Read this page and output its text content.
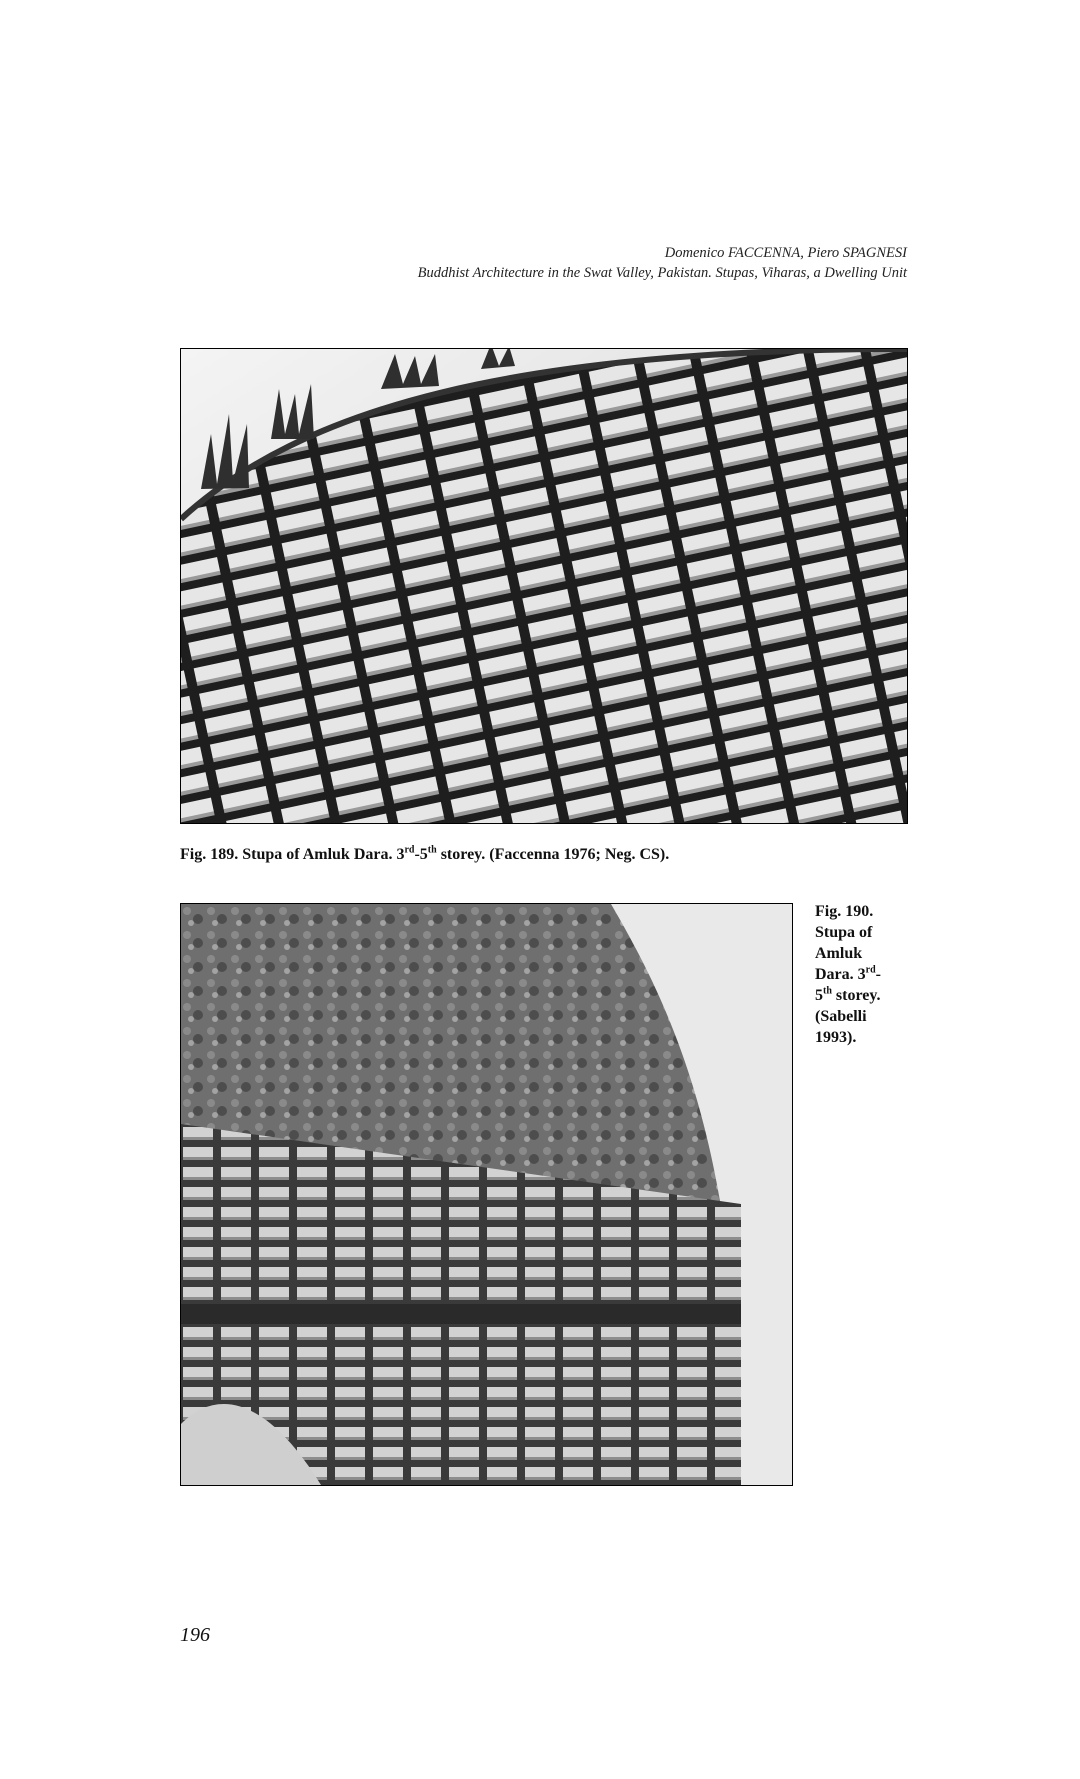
Domenico FACCENNA, Piero SPAGNESI
Buddhist Architecture in the Swat Valley, Pakistan. Stupas, Viharas, a Dwelling Unit
Fig. 189. Stupa of Amluk Dara. 3rd-5th storey. (Faccenna 1976; Neg. CS).
Fig. 190.
Stupa of
Amluk
Dara. 3rd-
5th storey.
(Sabelli
1993).
196
